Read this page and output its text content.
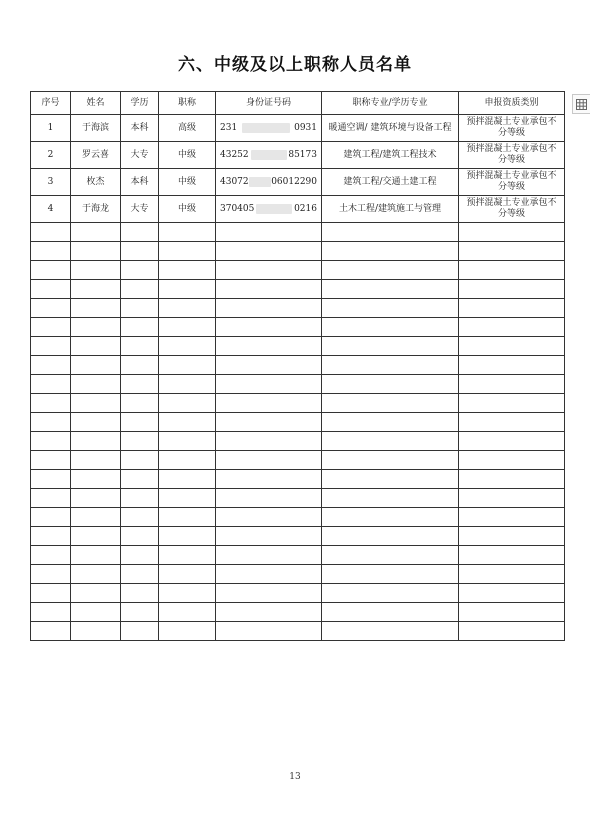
六、中级及以上职称人员名单
序号	姓名	学历	职称	身份证号码	职称专业/学历专业	申报资质类别
1	于海滨	本科	高级	231 0931	暖通空调/ 建筑环境与设备工程	预拌混凝土专业承包不分等级
2	罗云喜	大专	中级	43252 85173	建筑工程/建筑工程技术	预拌混凝土专业承包不分等级
3	枚杰	本科	中级	43072 06012290	建筑工程/交通土建工程	预拌混凝土专业承包不分等级
4	于海龙	大专	中级	370405 0216	土木工程/建筑施工与管理	预拌混凝土专业承包不分等级

13
